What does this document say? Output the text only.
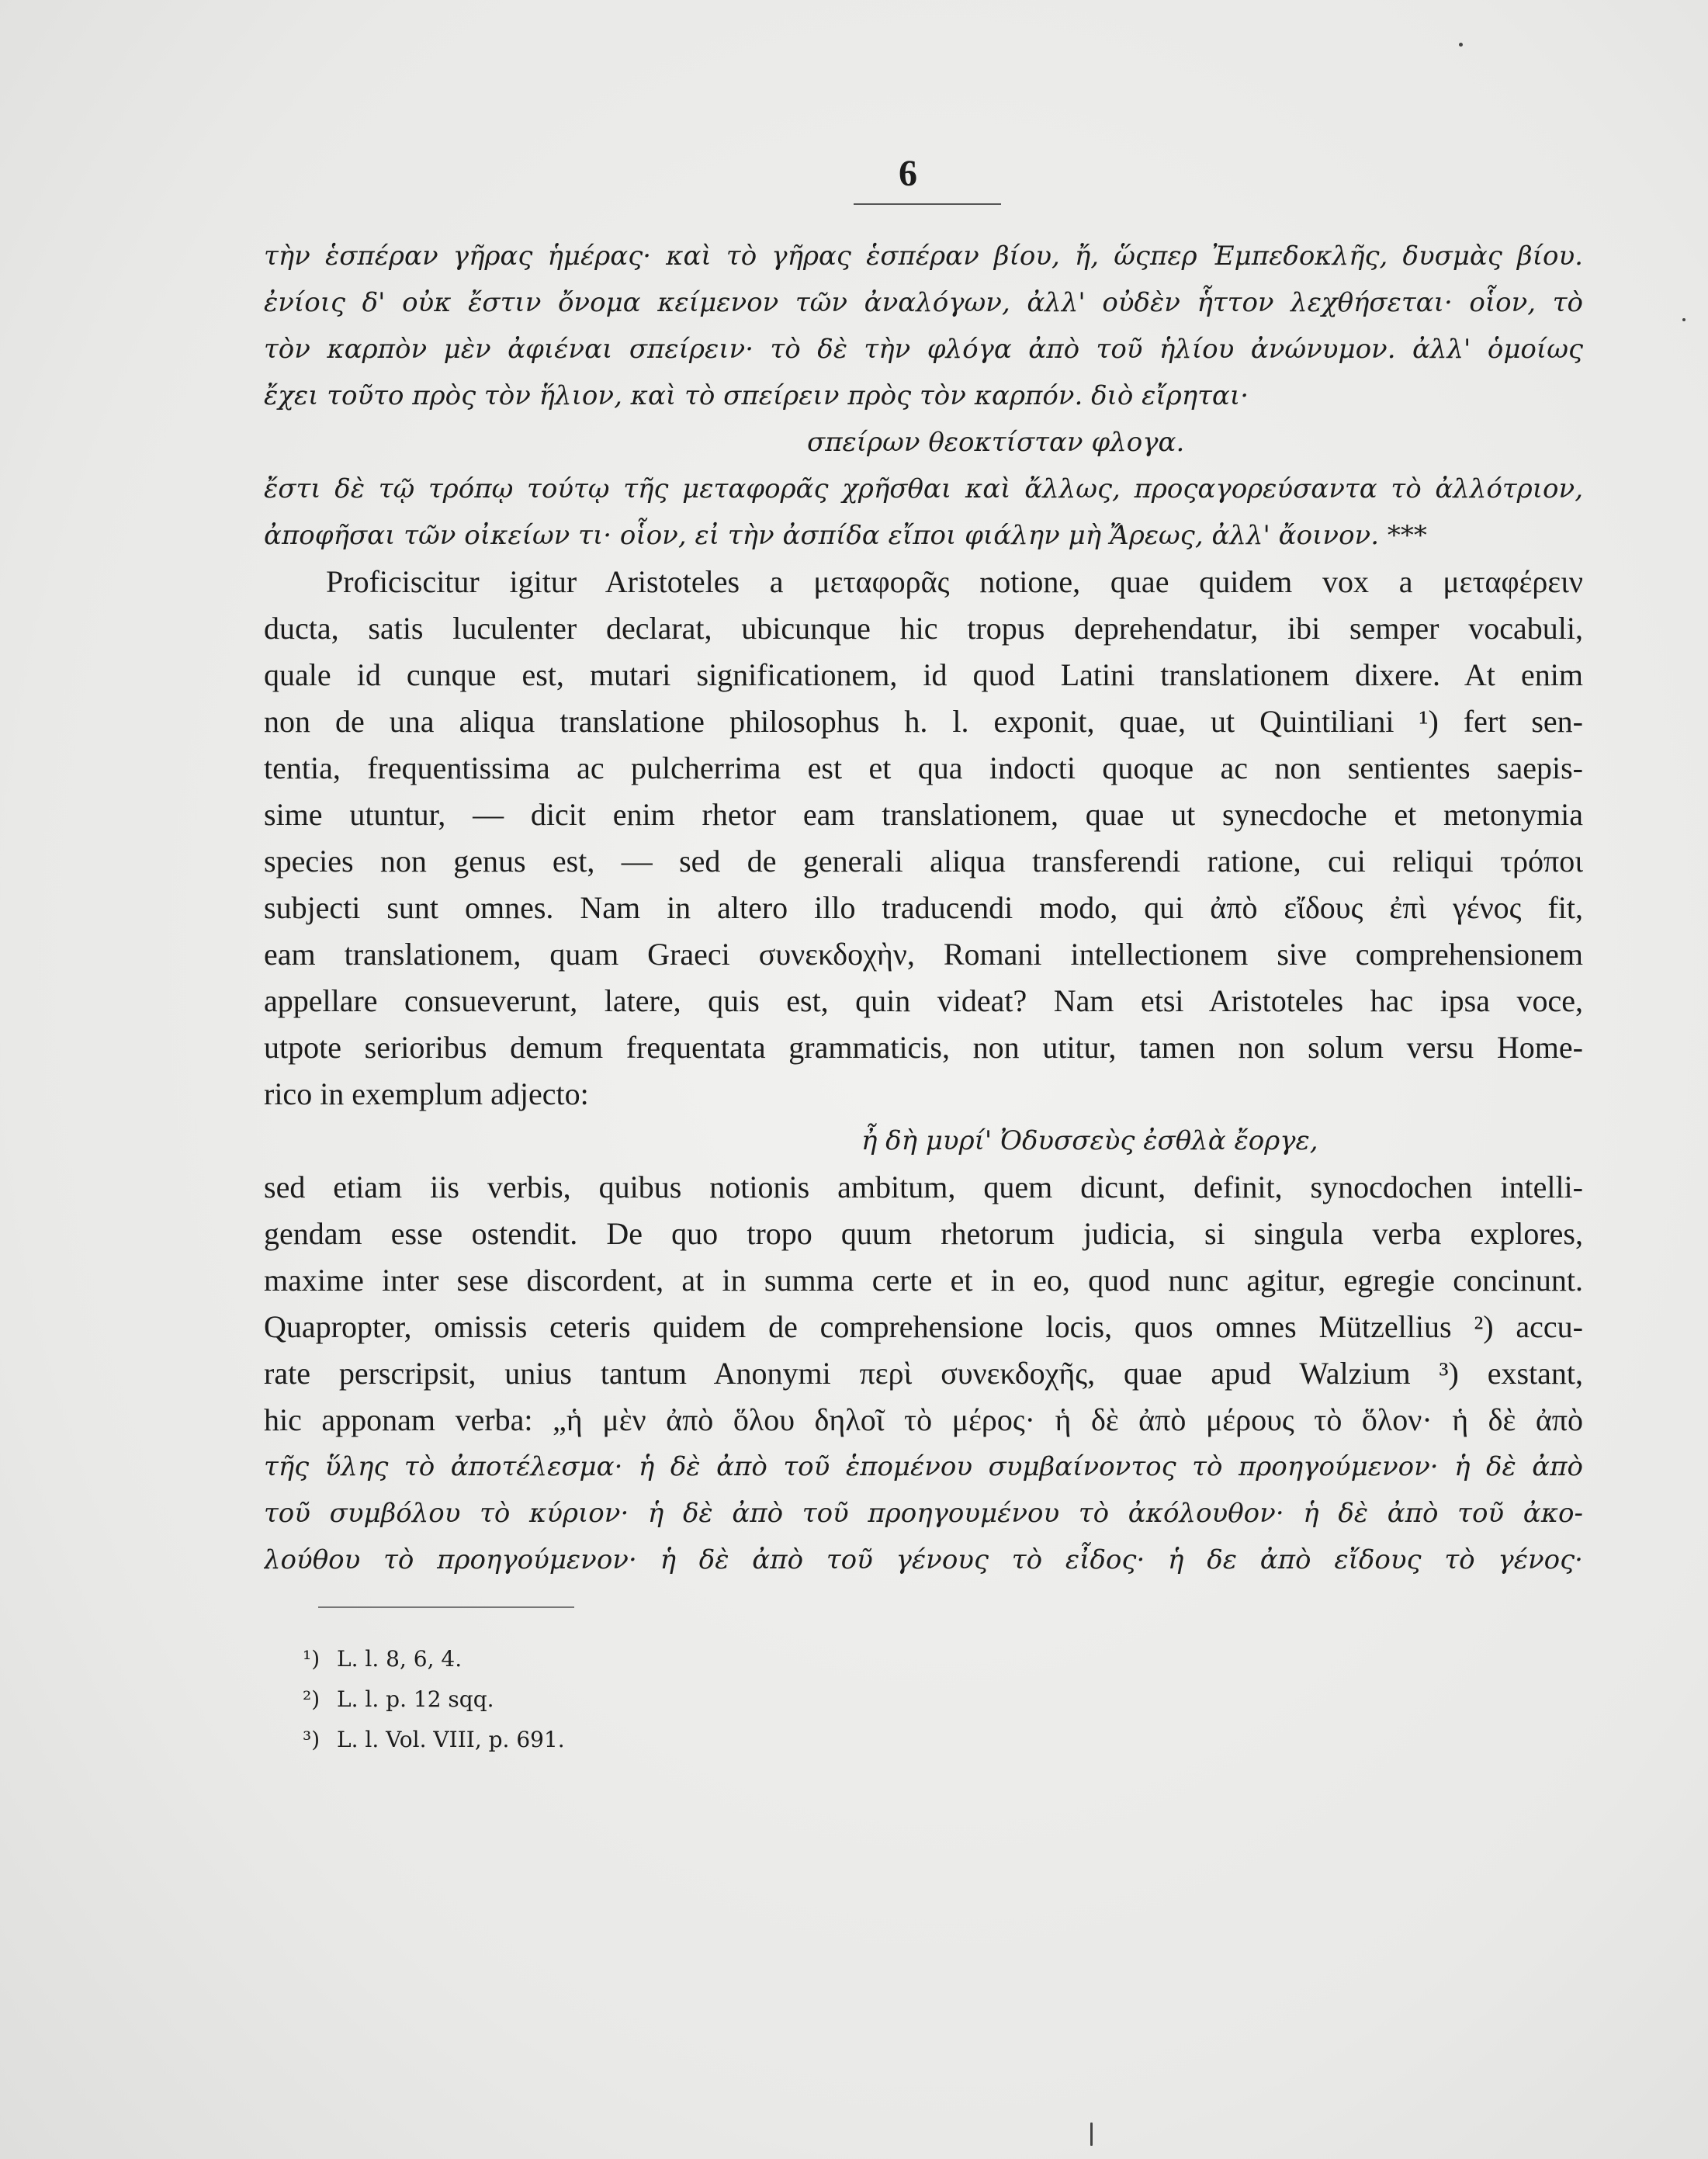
6
τὴν ἑσπέραν γῆρας ἡμέρας· καὶ τὸ γῆρας ἑσπέραν βίου, ἤ, ὥςπερ Ἐμπεδοκλῆς, δυσμὰς βίου.
ἐνίοις δ' οὐκ ἔστιν ὄνομα κείμενον τῶν ἀναλόγων, ἀλλ' οὐδὲν ἧττον λεχθήσεται· οἷον, τὸ
τὸν καρπὸν μὲν ἀφιέναι σπείρειν· τὸ δὲ τὴν φλόγα ἀπὸ τοῦ ἡλίου ἀνώνυμον. ἀλλ' ὁμοίως
ἔχει τοῦτο πρὸς τὸν ἥλιον, καὶ τὸ σπείρειν πρὸς τὸν καρπόν. διὸ εἴρηται·
σπείρων θεοκτίσταν φλογα.
ἔστι δὲ τῷ τρόπῳ τούτῳ τῆς μεταφορᾶς χρῆσθαι καὶ ἄλλως, προςαγορεύσαντα τὸ ἀλλότριον,
ἀποφῆσαι τῶν οἰκείων τι· οἷον, εἰ τὴν ἀσπίδα εἴποι φιάλην μὴ Ἄρεως, ἀλλ' ἄοινον. ***
Proficiscitur igitur Aristoteles a μεταφορᾶς notione, quae quidem vox a μεταφέρειν
ducta, satis luculenter declarat, ubicunque hic tropus deprehendatur, ibi semper vocabuli,
quale id cunque est, mutari significationem, id quod Latini translationem dixere. At enim
non de una aliqua translatione philosophus h. l. exponit, quae, ut Quintiliani ¹) fert sen-
tentia, frequentissima ac pulcherrima est et qua indocti quoque ac non sentientes saepis-
sime utuntur, — dicit enim rhetor eam translationem, quae ut synecdoche et metonymia
species non genus est, — sed de generali aliqua transferendi ratione, cui reliqui τρόποι
subjecti sunt omnes. Nam in altero illo traducendi modo, qui ἀπὸ εἴδους ἐπὶ γένος fit,
eam translationem, quam Graeci συνεκδοχὴν, Romani intellectionem sive comprehensionem
appellare consueverunt, latere, quis est, quin videat? Nam etsi Aristoteles hac ipsa voce,
utpote serioribus demum frequentata grammaticis, non utitur, tamen non solum versu Home-
rico in exemplum adjecto:
ἦ δὴ μυρί' Ὀδυσσεὺς ἐσθλὰ ἔοργε,
sed etiam iis verbis, quibus notionis ambitum, quem dicunt, definit, synocdochen intelli-
gendam esse ostendit. De quo tropo quum rhetorum judicia, si singula verba explores,
maxime inter sese discordent, at in summa certe et in eo, quod nunc agitur, egregie concinunt.
Quapropter, omissis ceteris quidem de comprehensione locis, quos omnes Mützellius ²) accu-
rate perscripsit, unius tantum Anonymi περὶ συνεκδοχῆς, quae apud Walzium ³) exstant,
hic apponam verba: „ἡ μὲν ἀπὸ ὅλου δηλοῖ τὸ μέρος· ἡ δὲ ἀπὸ μέρους τὸ ὅλον· ἡ δὲ ἀπὸ
τῆς ὕλης τὸ ἀποτέλεσμα· ἡ δὲ ἀπὸ τοῦ ἑπομένου συμβαίνοντος τὸ προηγούμενον· ἡ δὲ ἀπὸ
τοῦ συμβόλου τὸ κύριον· ἡ δὲ ἀπὸ τοῦ προηγουμένου τὸ ἀκόλουθον· ἡ δὲ ἀπὸ τοῦ ἀκο-
λούθου τὸ προηγούμενον· ἡ δὲ ἀπὸ τοῦ γένους τὸ εἶδος· ἡ δε ἀπὸ εἴδους τὸ γένος·
¹) L. l. 8, 6, 4.
²) L. l. p. 12 sqq.
³) L. l. Vol. VIII, p. 691.
